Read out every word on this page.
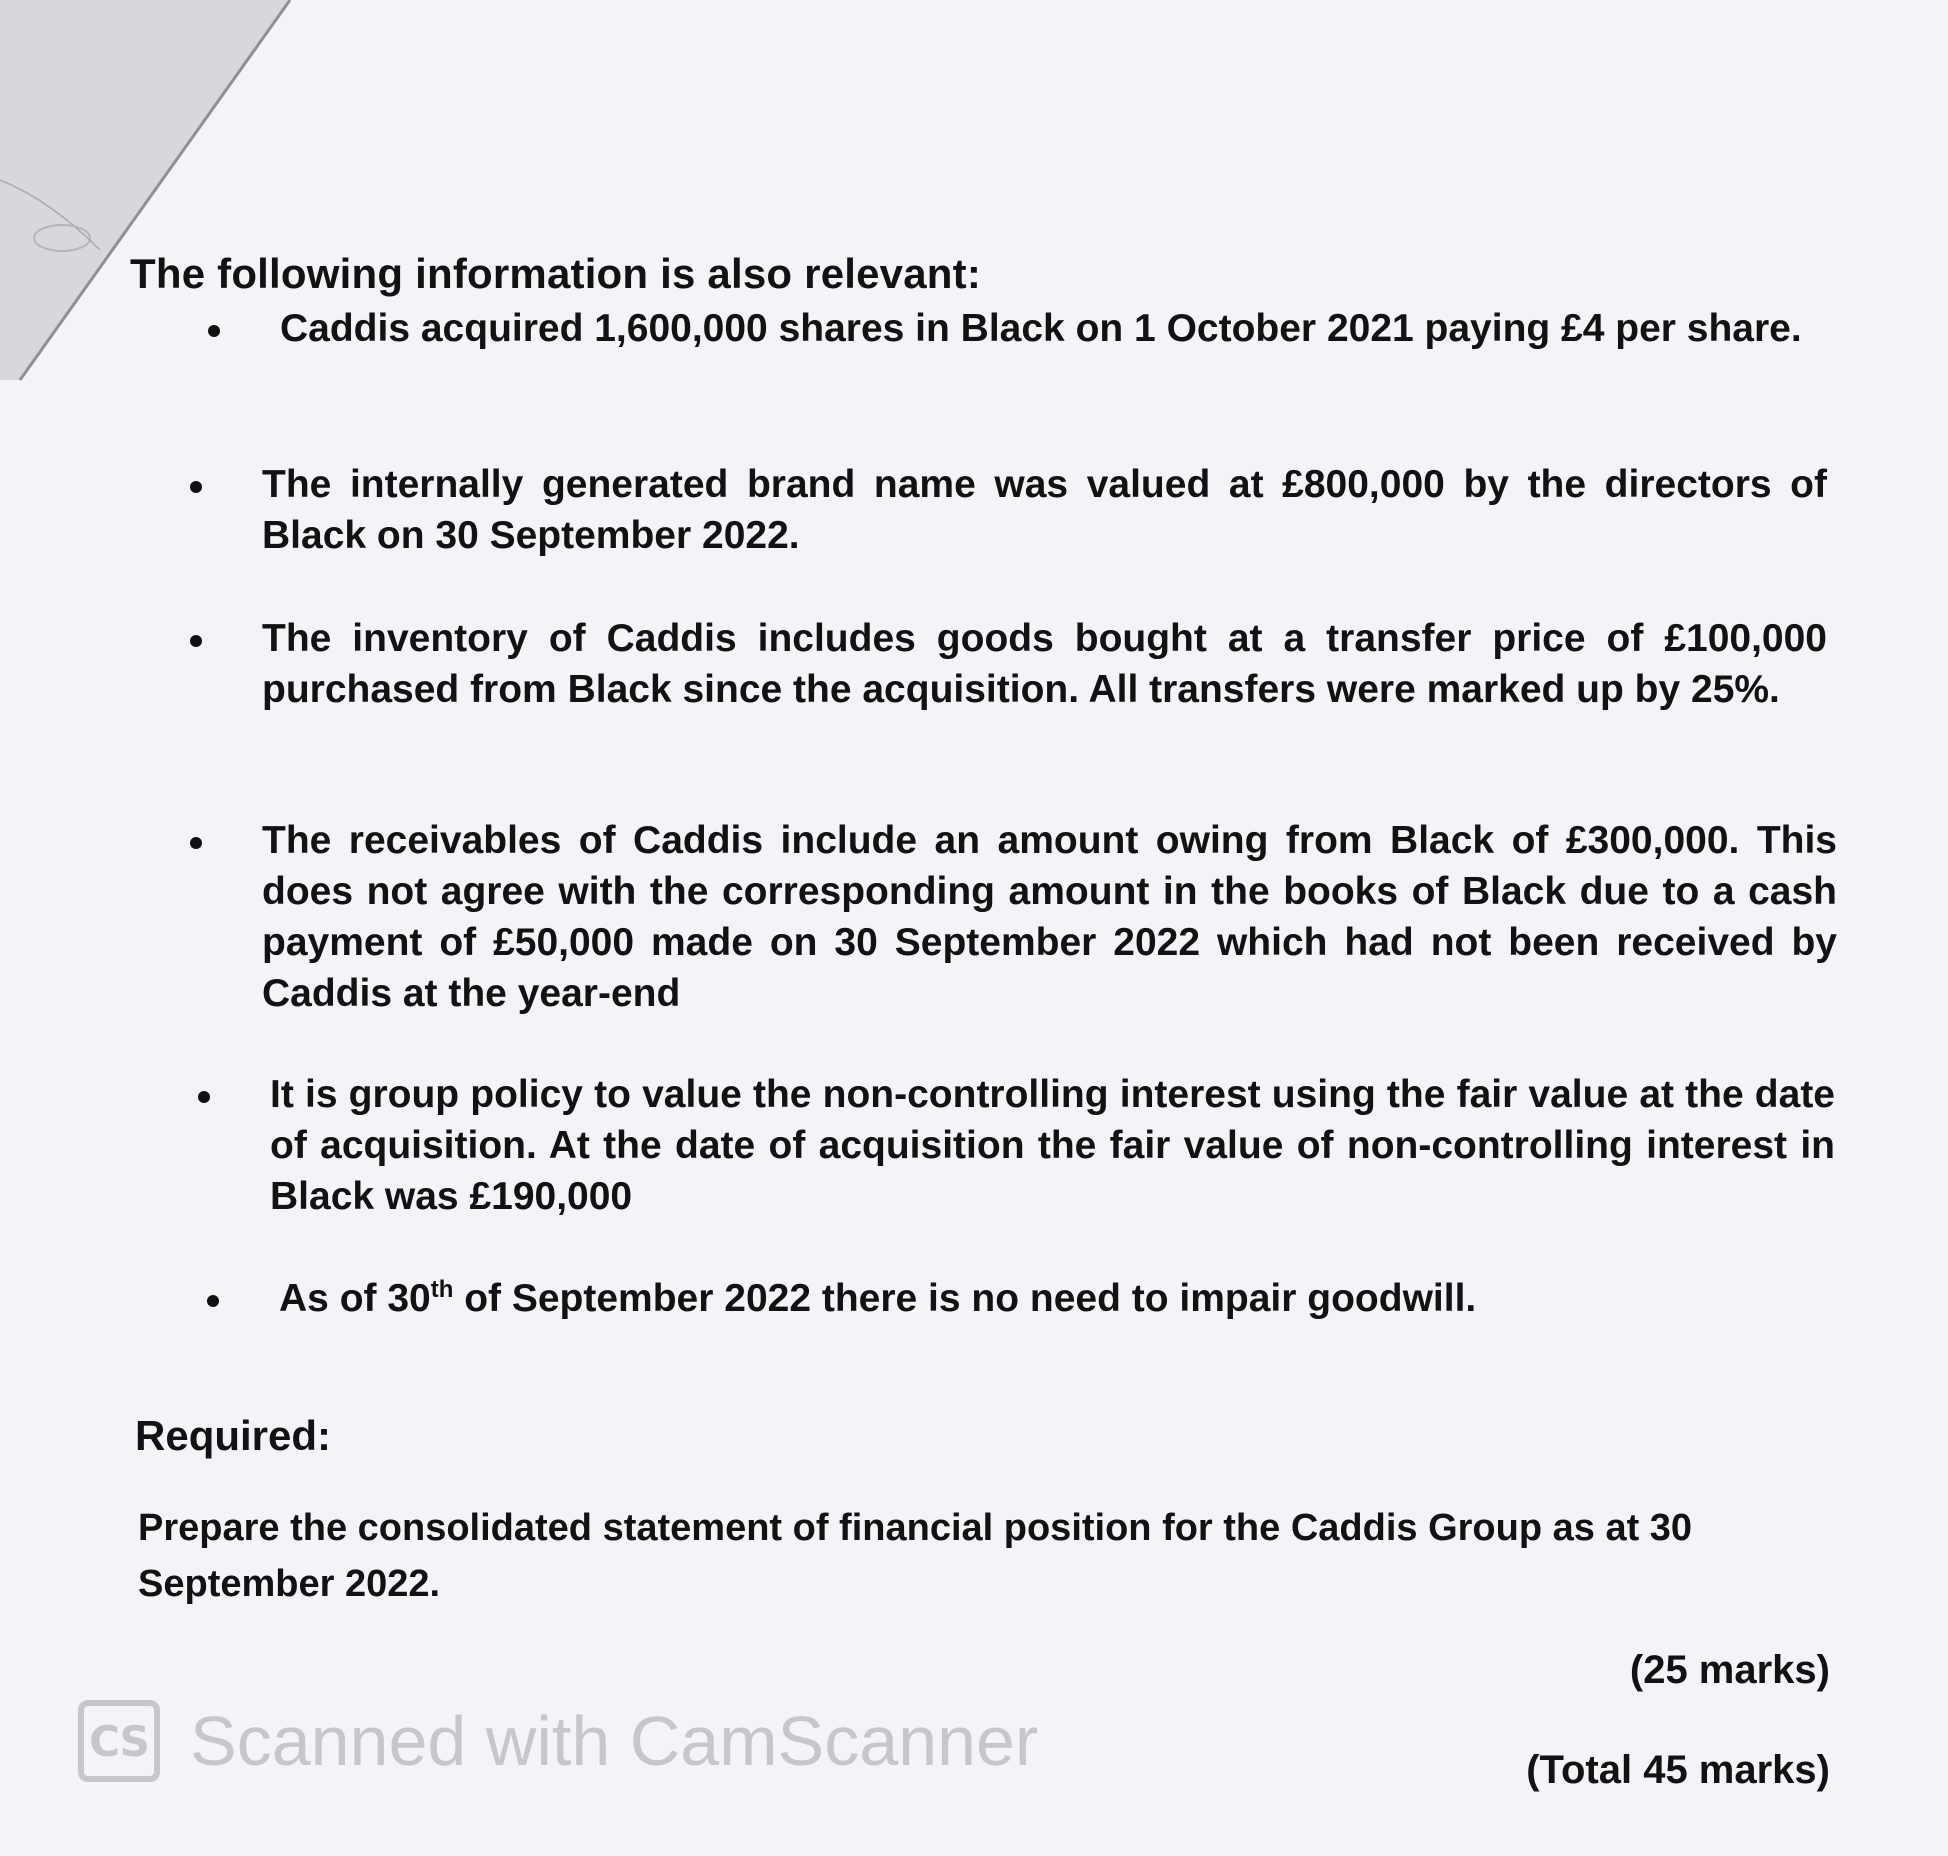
The following information is also relevant:
Caddis acquired 1,600,000 shares in Black on 1 October 2021 paying £4 per share.
The internally generated brand name was valued at £800,000 by the directors of Black on 30 September 2022.
The inventory of Caddis includes goods bought at a transfer price of £100,000 purchased from Black since the acquisition. All transfers were marked up by 25%.
The receivables of Caddis include an amount owing from Black of £300,000. This does not agree with the corresponding amount in the books of Black due to a cash payment of £50,000 made on 30 September 2022 which had not been received by Caddis at the year-end
It is group policy to value the non-controlling interest using the fair value at the date of acquisition. At the date of acquisition the fair value of non-controlling interest in Black was £190,000
As of 30th of September 2022 there is no need to impair goodwill.
Required:
Prepare the consolidated statement of financial position for the Caddis Group as at 30 September 2022.
(25 marks)
(Total 45 marks)
CS Scanned with CamScanner
